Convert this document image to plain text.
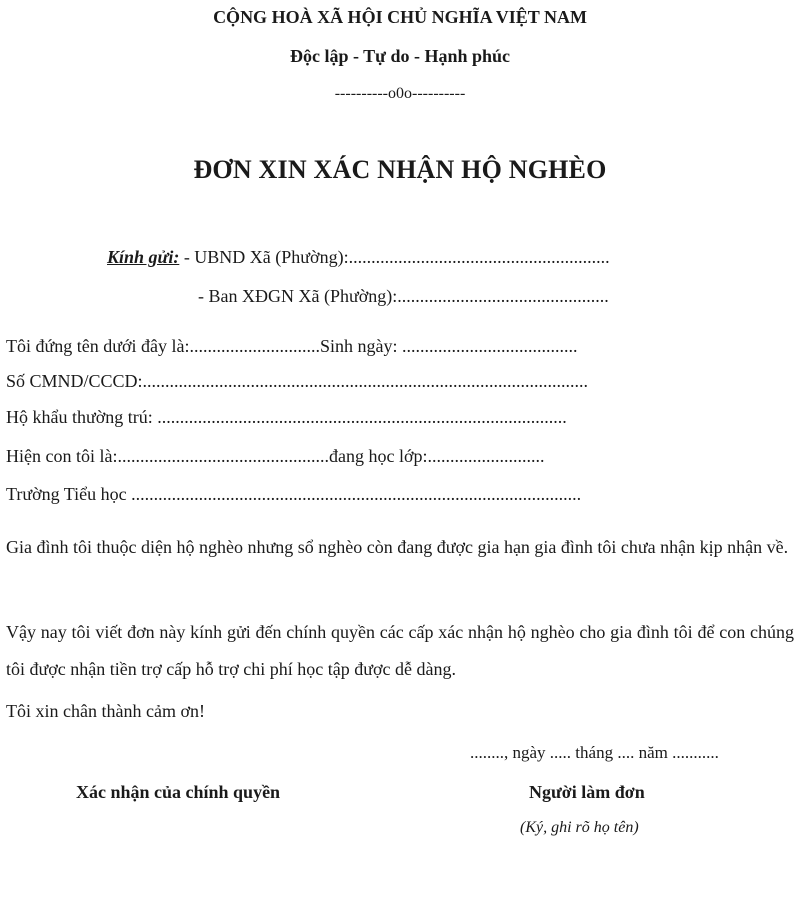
CỘNG HOÀ XÃ HỘI CHỦ NGHĨA VIỆT NAM
Độc lập - Tự do - Hạnh phúc
----------o0o----------
ĐƠN XIN XÁC NHẬN HỘ NGHÈO
Kính gửi: - UBND Xã (Phường):..........................................................
- Ban XĐGN Xã (Phường):...............................................
Tôi đứng tên dưới đây là:.............................Sinh ngày: .......................................
Số CMND/CCCD:...................................................................................................
Hộ khẩu thường trú: ...........................................................................................
Hiện con tôi là:...............................................đang học lớp:..........................
Trường Tiểu học ....................................................................................................
Gia đình tôi thuộc diện hộ nghèo nhưng sổ nghèo còn đang được gia hạn gia đình tôi chưa nhận kịp nhận về.
Vậy nay tôi viết đơn này kính gửi đến chính quyền các cấp xác nhận hộ nghèo cho gia đình tôi để con chúng tôi được nhận tiền trợ cấp hỗ trợ chi phí học tập được dễ dàng.
Tôi xin chân thành cảm ơn!
........, ngày ..... tháng .... năm ...........
Xác nhận của chính quyền	Người làm đơn
(Ký, ghi rõ họ tên)
